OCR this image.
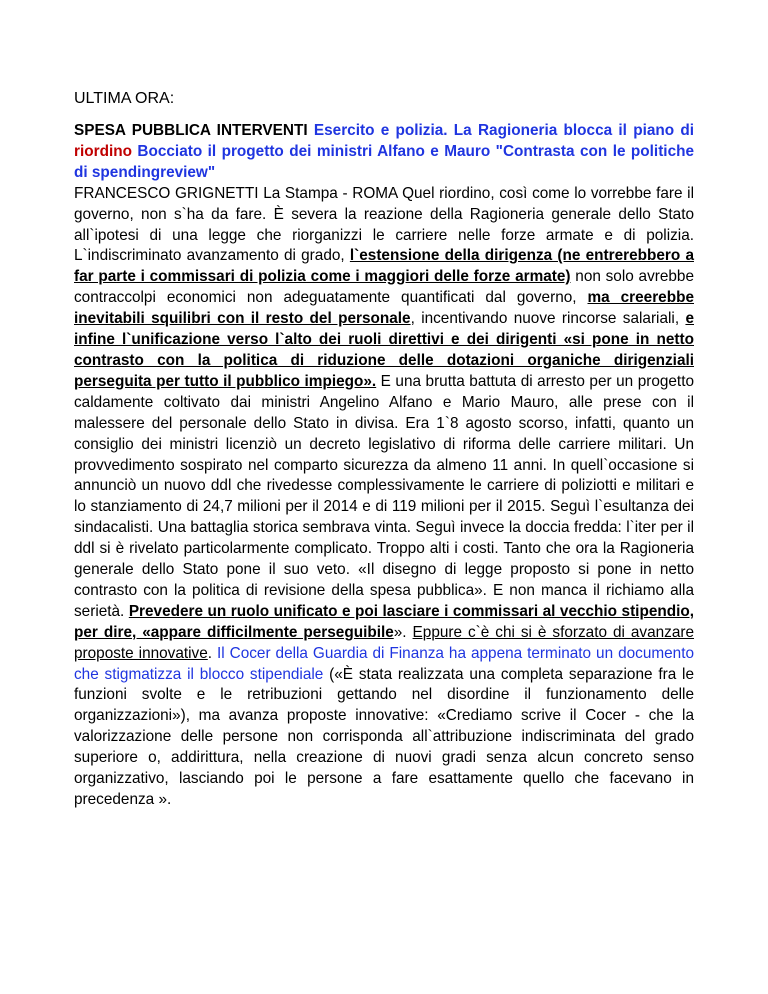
ULTIMA ORA:

SPESA PUBBLICA INTERVENTI Esercito e polizia. La Ragioneria blocca il piano di riordino Bocciato il progetto dei ministri Alfano e Mauro "Contrasta con le politiche di spendingreview"
FRANCESCO GRIGNETTI La Stampa - ROMA Quel riordino, così come lo vorrebbe fare il governo, non s`ha da fare. È severa la reazione della Ragioneria generale dello Stato all`ipotesi di una legge che riorganizzi le carriere nelle forze armate e di polizia. L`indiscriminato avanzamento di grado, l`estensione della dirigenza (ne entrerebbero a far parte i commissari di polizia come i maggiori delle forze armate) non solo avrebbe contraccolpi economici non adeguatamente quantificati dal governo, ma creerebbe inevitabili squilibri con il resto del personale, incentivando nuove rincorse salariali, e infine l`unificazione verso l`alto dei ruoli direttivi e dei dirigenti «si pone in netto contrasto con la politica di riduzione delle dotazioni organiche dirigenziali perseguita per tutto il pubblico impiego». E una brutta battuta di arresto per un progetto caldamente coltivato dai ministri Angelino Alfano e Mario Mauro, alle prese con il malessere del personale dello Stato in divisa. Era 1`8 agosto scorso, infatti, quanto un consiglio dei ministri licenziò un decreto legislativo di riforma delle carriere militari. Un provvedimento sospirato nel comparto sicurezza da almeno 11 anni. In quell`occasione si annunciò un nuovo ddl che rivedesse complessivamente le carriere di poliziotti e militari e lo stanziamento di 24,7 milioni per il 2014 e di 119 milioni per il 2015. Seguì l`esultanza dei sindacalisti. Una battaglia storica sembrava vinta. Seguì invece la doccia fredda: l`iter per il ddl si è rivelato particolarmente complicato. Troppo alti i costi. Tanto che ora la Ragioneria generale dello Stato pone il suo veto. «Il disegno di legge proposto si pone in netto contrasto con la politica di revisione della spesa pubblica». E non manca il richiamo alla serietà. Prevedere un ruolo unificato e poi lasciare i commissari al vecchio stipendio, per dire, «appare difficilmente perseguibile». Eppure c`è chi si è sforzato di avanzare proposte innovative. Il Cocer della Guardia di Finanza ha appena terminato un documento che stigmatizza il blocco stipendiale («È stata realizzata una completa separazione fra le funzioni svolte e le retribuzioni gettando nel disordine il funzionamento delle organizzazioni»), ma avanza proposte innovative: «Crediamo scrive il Cocer - che la valorizzazione delle persone non corrisponda all`attribuzione indiscriminata del grado superiore o, addirittura, nella creazione di nuovi gradi senza alcun concreto senso organizzativo, lasciando poi le persone a fare esattamente quello che facevano in precedenza ».
